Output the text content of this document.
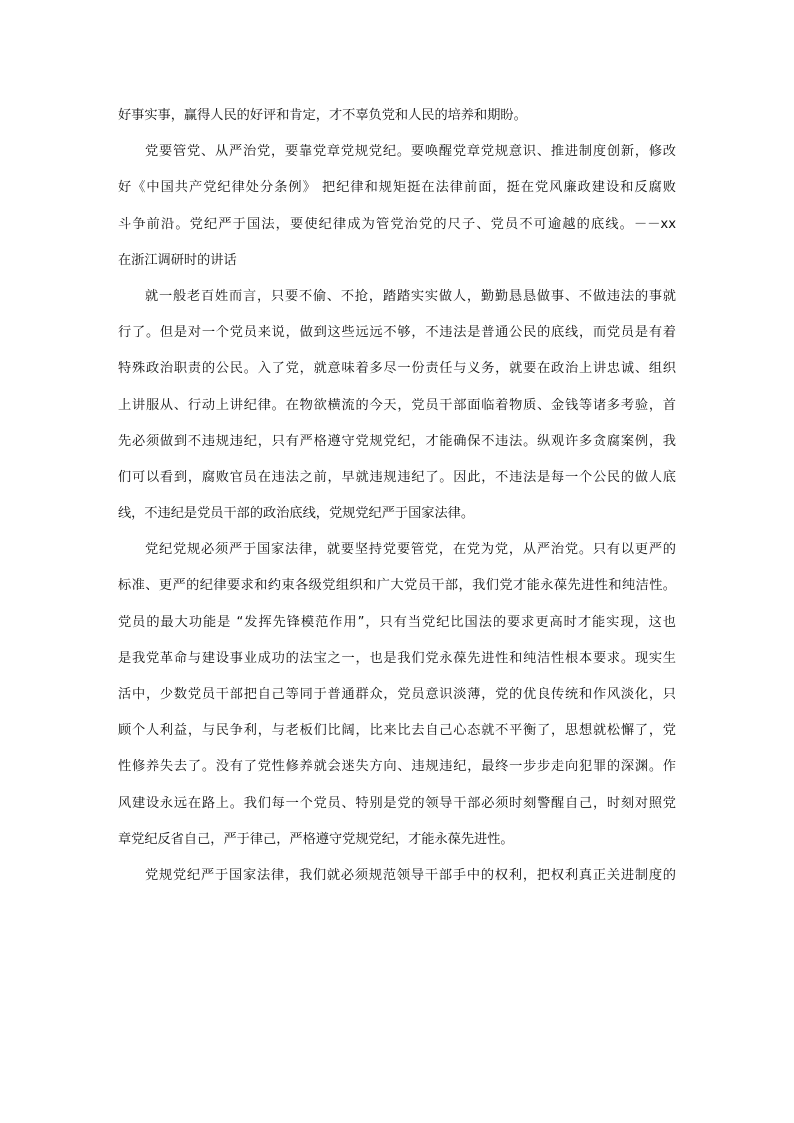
好事实事，赢得人民的好评和肯定，才不辜负党和人民的培养和期盼。
党要管党、从严治党，要靠党章党规党纪。要唤醒党章党规意识、推进制度创新，修改
好《中国共产党纪律处分条例》 把纪律和规矩挺在法律前面，挺在党风廉政建设和反腐败
斗争前沿。党纪严于国法，要使纪律成为管党治党的尺子、党员不可逾越的底线。－－xx
在浙江调研时的讲话
就一般老百姓而言，只要不偷、不抢，踏踏实实做人，勤勤恳恳做事、不做违法的事就
行了。但是对一个党员来说，做到这些远远不够，不违法是普通公民的底线，而党员是有着
特殊政治职责的公民。入了党，就意味着多尽一份责任与义务，就要在政治上讲忠诚、组织
上讲服从、行动上讲纪律。在物欲横流的今天，党员干部面临着物质、金钱等诸多考验，首
先必须做到不违规违纪，只有严格遵守党规党纪，才能确保不违法。纵观许多贪腐案例，我
们可以看到，腐败官员在违法之前，早就违规违纪了。因此，不违法是每一个公民的做人底
线，不违纪是党员干部的政治底线，党规党纪严于国家法律。
党纪党规必须严于国家法律，就要坚持党要管党，在党为党，从严治党。只有以更严的
标准、更严的纪律要求和约束各级党组织和广大党员干部，我们党才能永葆先进性和纯洁性。
党员的最大功能是 “发挥先锋模范作用”，只有当党纪比国法的要求更高时才能实现，这也
是我党革命与建设事业成功的法宝之一，也是我们党永葆先进性和纯洁性根本要求。现实生
活中，少数党员干部把自己等同于普通群众，党员意识淡薄，党的优良传统和作风淡化，只
顾个人利益，与民争利，与老板们比阔，比来比去自己心态就不平衡了，思想就松懈了，党
性修养失去了。没有了党性修养就会迷失方向、违规违纪，最终一步步走向犯罪的深渊。作
风建设永远在路上。我们每一个党员、特别是党的领导干部必须时刻警醒自己，时刻对照党
章党纪反省自己，严于律己，严格遵守党规党纪，才能永葆先进性。
党规党纪严于国家法律，我们就必须规范领导干部手中的权利，把权利真正关进制度的
